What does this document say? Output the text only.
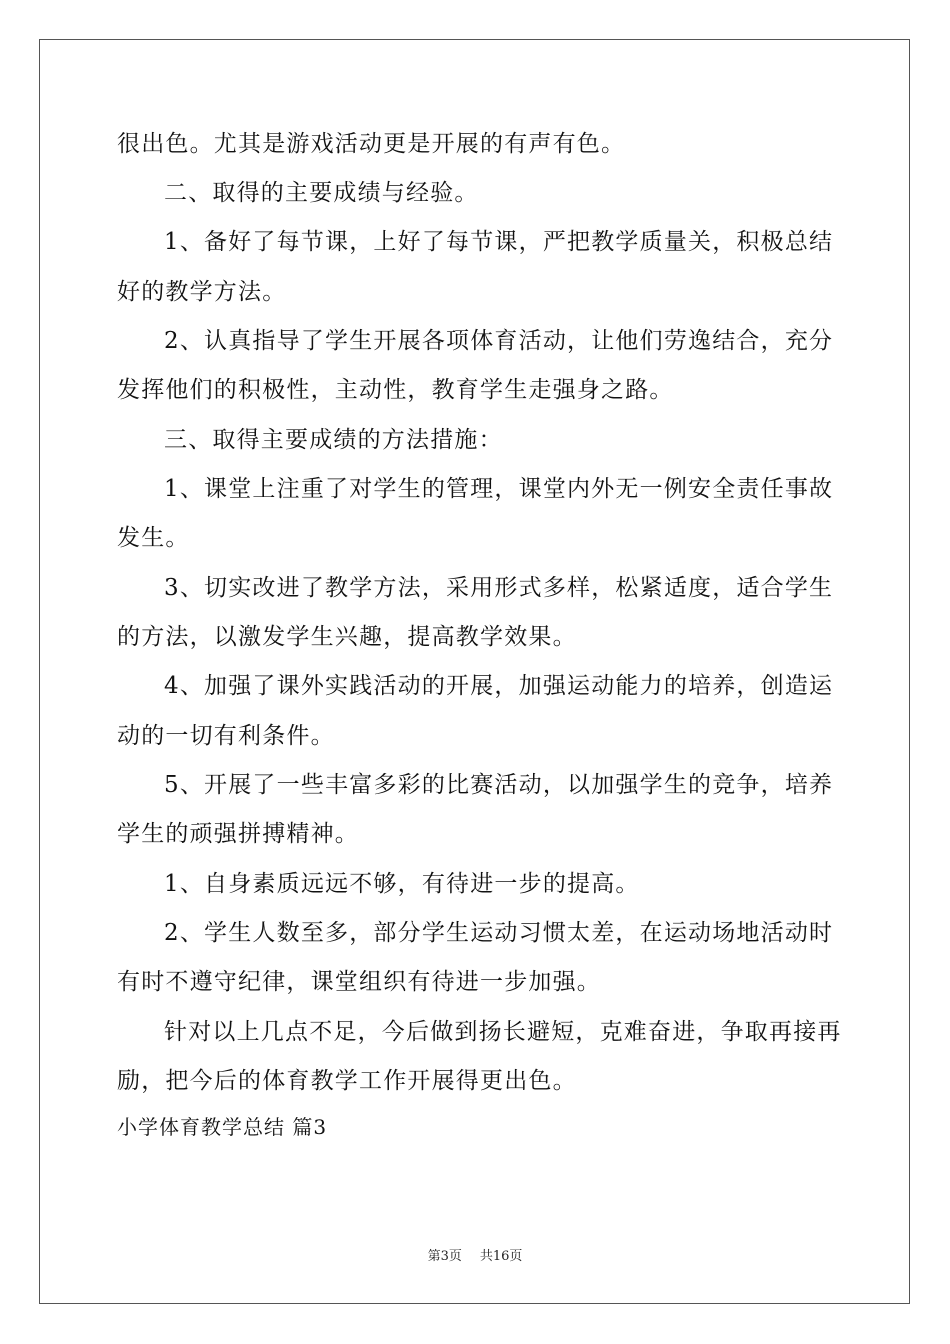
很出色。尤其是游戏活动更是开展的有声有色。
二、取得的主要成绩与经验。
1、备好了每节课，上好了每节课，严把教学质量关，积极总结
好的教学方法。
2、认真指导了学生开展各项体育活动，让他们劳逸结合，充分
发挥他们的积极性，主动性，教育学生走强身之路。
三、取得主要成绩的方法措施：
1、课堂上注重了对学生的管理，课堂内外无一例安全责任事故
发生。
3、切实改进了教学方法，采用形式多样，松紧适度，适合学生
的方法，以激发学生兴趣，提高教学效果。
4、加强了课外实践活动的开展，加强运动能力的培养，创造运
动的一切有利条件。
5、开展了一些丰富多彩的比赛活动，以加强学生的竞争，培养
学生的顽强拼搏精神。
1、自身素质远远不够，有待进一步的提高。
2、学生人数至多，部分学生运动习惯太差，在运动场地活动时
有时不遵守纪律，课堂组织有待进一步加强。
针对以上几点不足，今后做到扬长避短，克难奋进，争取再接再
励，把今后的体育教学工作开展得更出色。
小学体育教学总结 篇3
第3页 共16页
